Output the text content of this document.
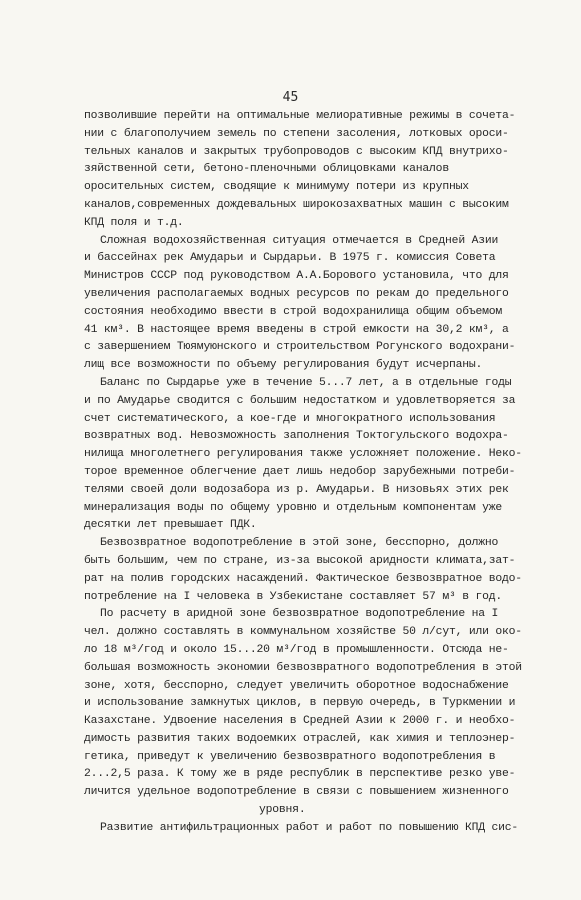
45
позволившие перейти на оптимальные мелиоративные режимы в сочета-
нии с благополучием земель по степени засоления, лотковых ороси-
тельных каналов и закрытых трубопроводов с высоким КПД внутрихо-
зяйственной сети, бетоно-пленочными облицовками каналов оросительных систем, сводящие к минимуму потери из крупных каналов,современных дождевальных широкозахватных машин с высоким КПД поля и т.д.
Сложная водохозяйственная ситуация отмечается в Средней Азии
и бассейнах рек Амударьи и Сырдарьи. В 1975 г. комиссия Совета
Министров СССР под руководством А.А.Борового установила, что для
увеличения располагаемых водных ресурсов по рекам до предельного
состояния необходимо ввести в строй водохранилища общим объемом
41 км³. В настоящее время введены в строй емкости на 30,2 км³, а
с завершением Тюямуюнского и строительством Рогунского водохрани-
лищ все возможности по объему регулирования будут исчерпаны.
Баланс по Сырдарье уже в течение 5...7 лет, а в отдельные годы
и по Амударье сводится с большим недостатком и удовлетворяется за
счет систематического, а кое-где и многократного использования
возвратных вод. Невозможность заполнения Токтогульского водохра-
нилища многолетнего регулирования также усложняет положение. Неко-
торое временное облегчение дает лишь недобор зарубежными потреби-
телями своей доли водозабора из р. Амударьи. В низовьях этих рек
минерализация воды по общему уровню и отдельным компонентам уже
десятки лет превышает ПДК.
Безвозвратное водопотребление в этой зоне, бесспорно, должно
быть большим, чем по стране, из-за высокой аридности климата,зат-
рат на полив городских насаждений. Фактическое безвозвратное водо-
потребление на I человека в Узбекистане составляет 57 м³ в год.
По расчету в аридной зоне безвозвратное водопотребление на I
чел. должно составлять в коммунальном хозяйстве 50 л/сут, или око-
ло 18 м³/год и около 15...20 м³/год в промышленности. Отсюда не-
большая возможность экономии безвозвратного водопотребления в этой
зоне, хотя, бесспорно, следует увеличить оборотное водоснабжение
и использование замкнутых циклов, в первую очередь, в Туркмении и
Казахстане. Удвоение населения в Средней Азии к 2000 г. и необхо-
димость развития таких водоемких отраслей, как химия и теплоэнер-
гетика, приведут к увеличению безвозвратного водопотребления в
2...2,5 раза. К тому же в ряде республик в перспективе резко уве-
личится удельное водопотребление в связи с повышением жизненного
уровня.
Развитие антифильтрационных работ и работ по повышению КПД сис-
